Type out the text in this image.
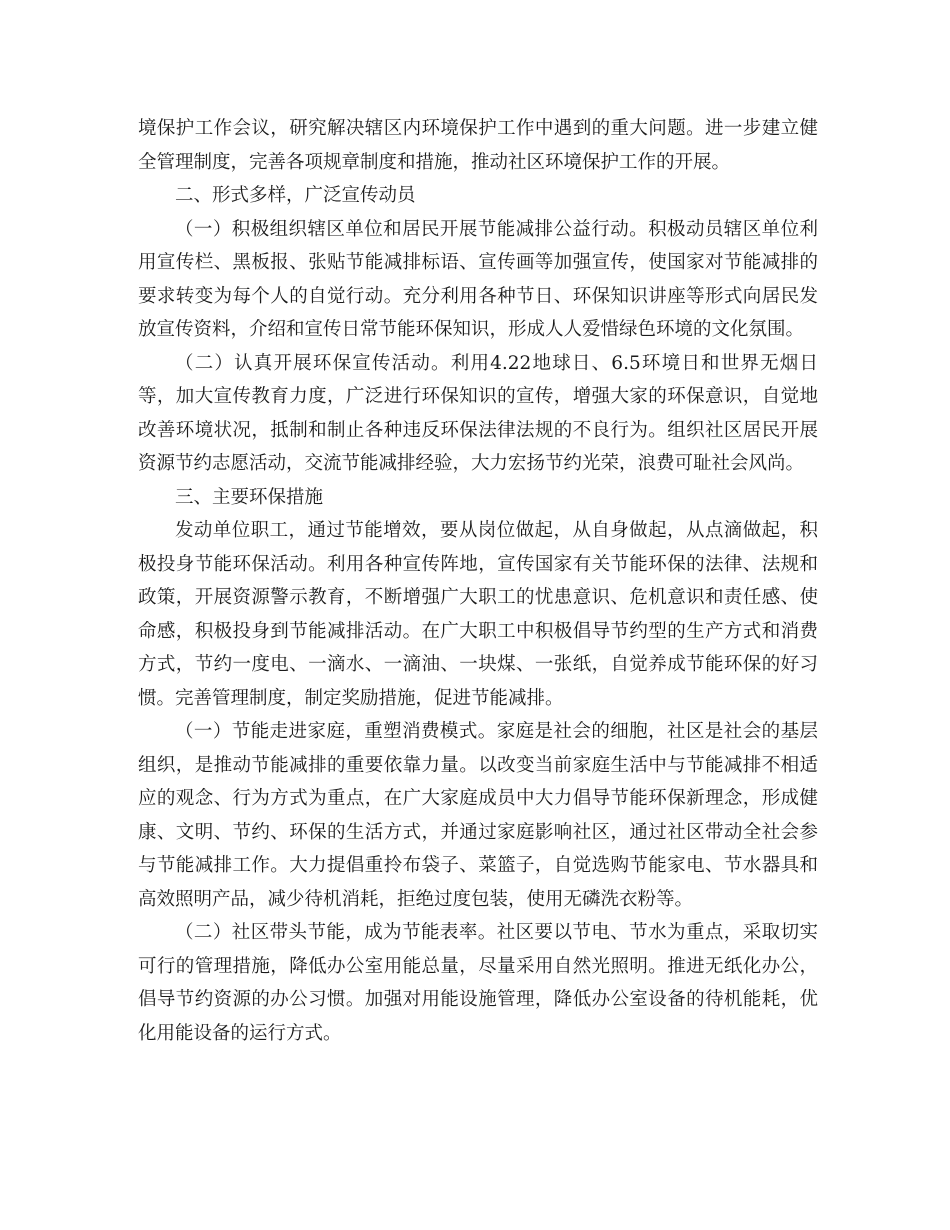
境保护工作会议，研究解决辖区内环境保护工作中遇到的重大问题。进一步建立健全管理制度，完善各项规章制度和措施，推动社区环境保护工作的开展。

二、形式多样，广泛宣传动员

（一）积极组织辖区单位和居民开展节能减排公益行动。积极动员辖区单位利用宣传栏、黑板报、张贴节能减排标语、宣传画等加强宣传，使国家对节能减排的要求转变为每个人的自觉行动。充分利用各种节日、环保知识讲座等形式向居民发放宣传资料，介绍和宣传日常节能环保知识，形成人人爱惜绿色环境的文化氛围。

（二）认真开展环保宣传活动。利用4.22地球日、6.5环境日和世界无烟日等，加大宣传教育力度，广泛进行环保知识的宣传，增强大家的环保意识，自觉地改善环境状况，抵制和制止各种违反环保法律法规的不良行为。组织社区居民开展资源节约志愿活动，交流节能减排经验，大力宏扬节约光荣，浪费可耻社会风尚。

三、主要环保措施

发动单位职工，通过节能增效，要从岗位做起，从自身做起，从点滴做起，积极投身节能环保活动。利用各种宣传阵地，宣传国家有关节能环保的法律、法规和政策，开展资源警示教育，不断增强广大职工的忧患意识、危机意识和责任感、使命感，积极投身到节能减排活动。在广大职工中积极倡导节约型的生产方式和消费方式，节约一度电、一滴水、一滴油、一块煤、一张纸，自觉养成节能环保的好习惯。完善管理制度，制定奖励措施，促进节能减排。

（一）节能走进家庭，重塑消费模式。家庭是社会的细胞，社区是社会的基层组织，是推动节能减排的重要依靠力量。以改变当前家庭生活中与节能减排不相适应的观念、行为方式为重点，在广大家庭成员中大力倡导节能环保新理念，形成健康、文明、节约、环保的生活方式，并通过家庭影响社区，通过社区带动全社会参与节能减排工作。大力提倡重拎布袋子、菜篮子，自觉选购节能家电、节水器具和高效照明产品，减少待机消耗，拒绝过度包装，使用无磷洗衣粉等。

（二）社区带头节能，成为节能表率。社区要以节电、节水为重点，采取切实可行的管理措施，降低办公室用能总量，尽量采用自然光照明。推进无纸化办公，倡导节约资源的办公习惯。加强对用能设施管理，降低办公室设备的待机能耗，优化用能设备的运行方式。
